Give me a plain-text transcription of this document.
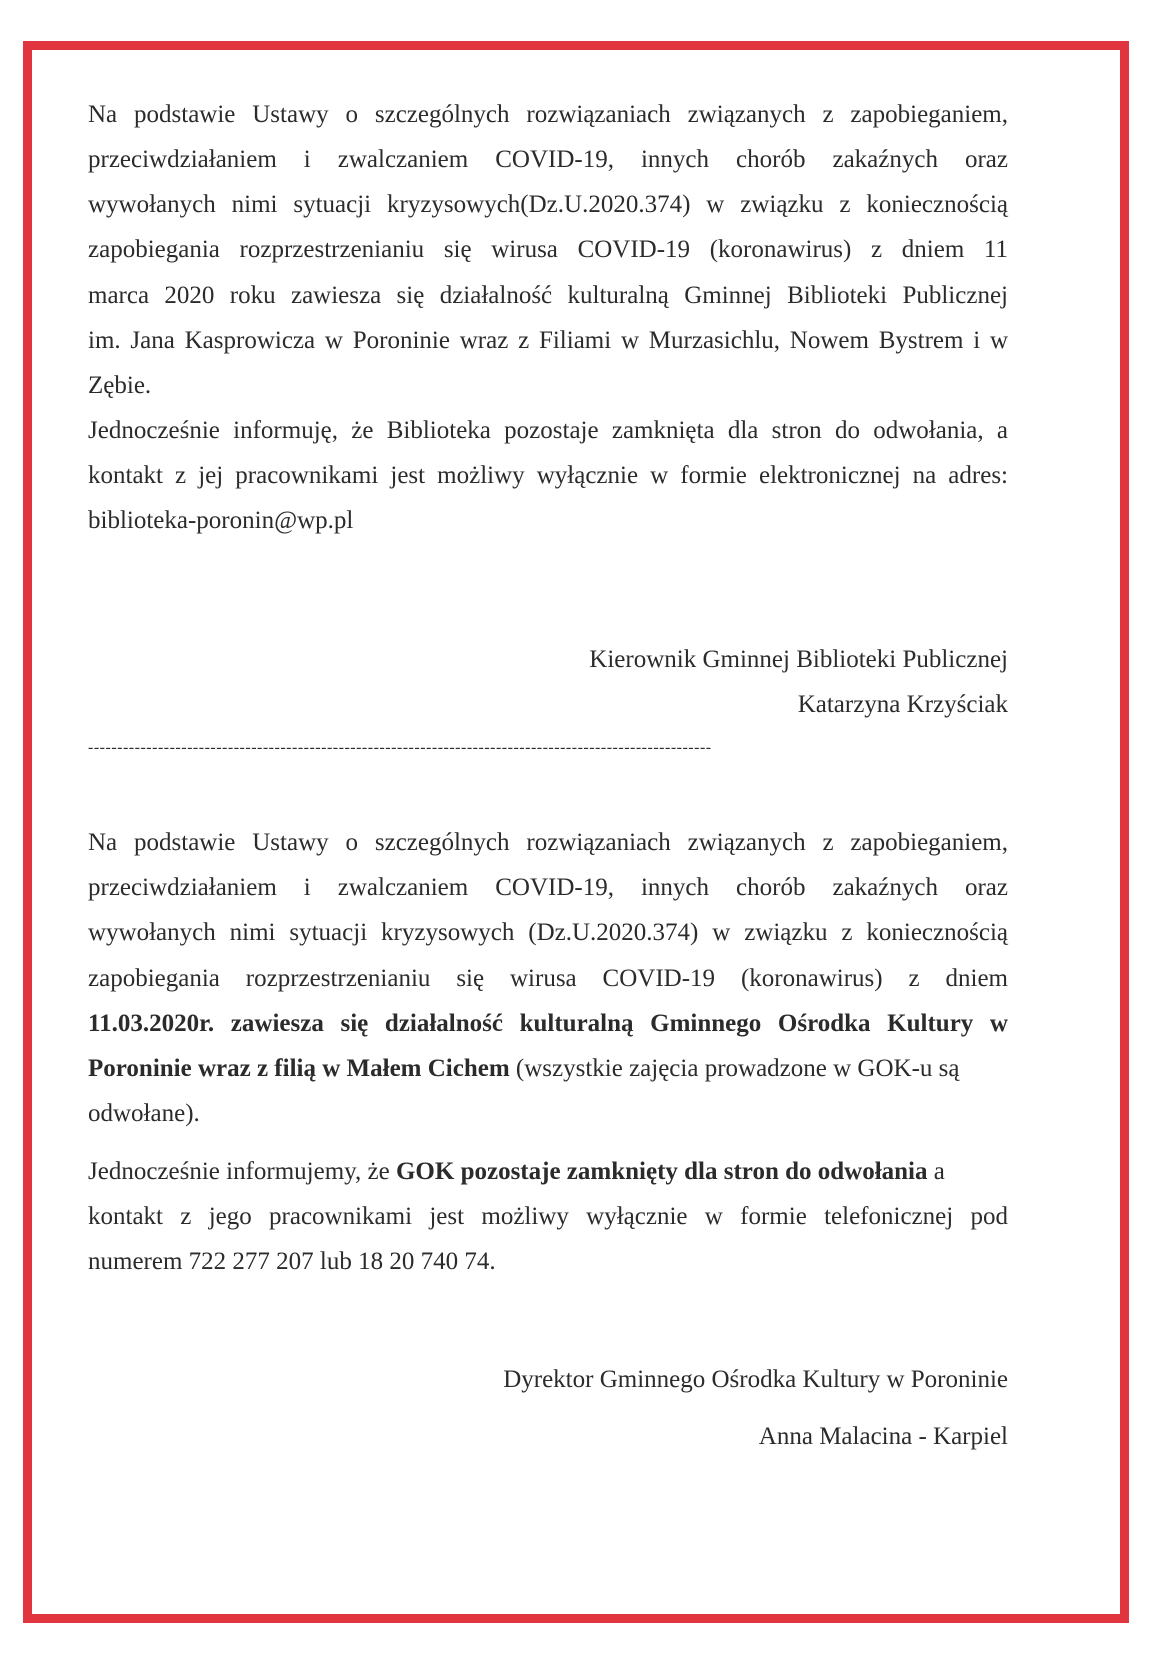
Na podstawie Ustawy o szczególnych rozwiązaniach związanych z zapobieganiem,
przeciwdziałaniem i zwalczaniem COVID-19, innych chorób zakaźnych oraz
wywołanych nimi sytuacji kryzysowych(Dz.U.2020.374) w związku z koniecznością
zapobiegania rozprzestrzenianiu się wirusa COVID-19 (koronawirus) z dniem 11
marca 2020 roku zawiesza się działalność kulturalną Gminnej Biblioteki Publicznej
im. Jana Kasprowicza w Poroninie wraz z Filiami w Murzasichlu, Nowem Bystrem i w
Zębie.
Jednocześnie informuję, że Biblioteka pozostaje zamknięta dla stron do odwołania, a
kontakt z jej pracownikami jest możliwy wyłącznie w formie elektronicznej na adres:
biblioteka-poronin@wp.pl
Kierownik Gminnej Biblioteki Publicznej
Katarzyna Krzyściak
-----------------------------------------------------------------------------------------------------------
Na podstawie Ustawy o szczególnych rozwiązaniach związanych z zapobieganiem,
przeciwdziałaniem i zwalczaniem COVID-19, innych chorób zakaźnych oraz
wywołanych nimi sytuacji kryzysowych (Dz.U.2020.374) w związku z koniecznością
zapobiegania rozprzestrzenianiu się wirusa COVID-19 (koronawirus) z dniem
11.03.2020r. zawiesza się działalność kulturalną Gminnego Ośrodka Kultury w
Poroninie wraz z filią w Małem Cichem (wszystkie zajęcia prowadzone w GOK-u są
odwołane).
Jednocześnie informujemy, że GOK pozostaje zamknięty dla stron do odwołania a
kontakt z jego pracownikami jest możliwy wyłącznie w formie telefonicznej pod
numerem 722 277 207 lub 18 20 740 74.
Dyrektor Gminnego Ośrodka Kultury w Poroninie
Anna Malacina - Karpiel
